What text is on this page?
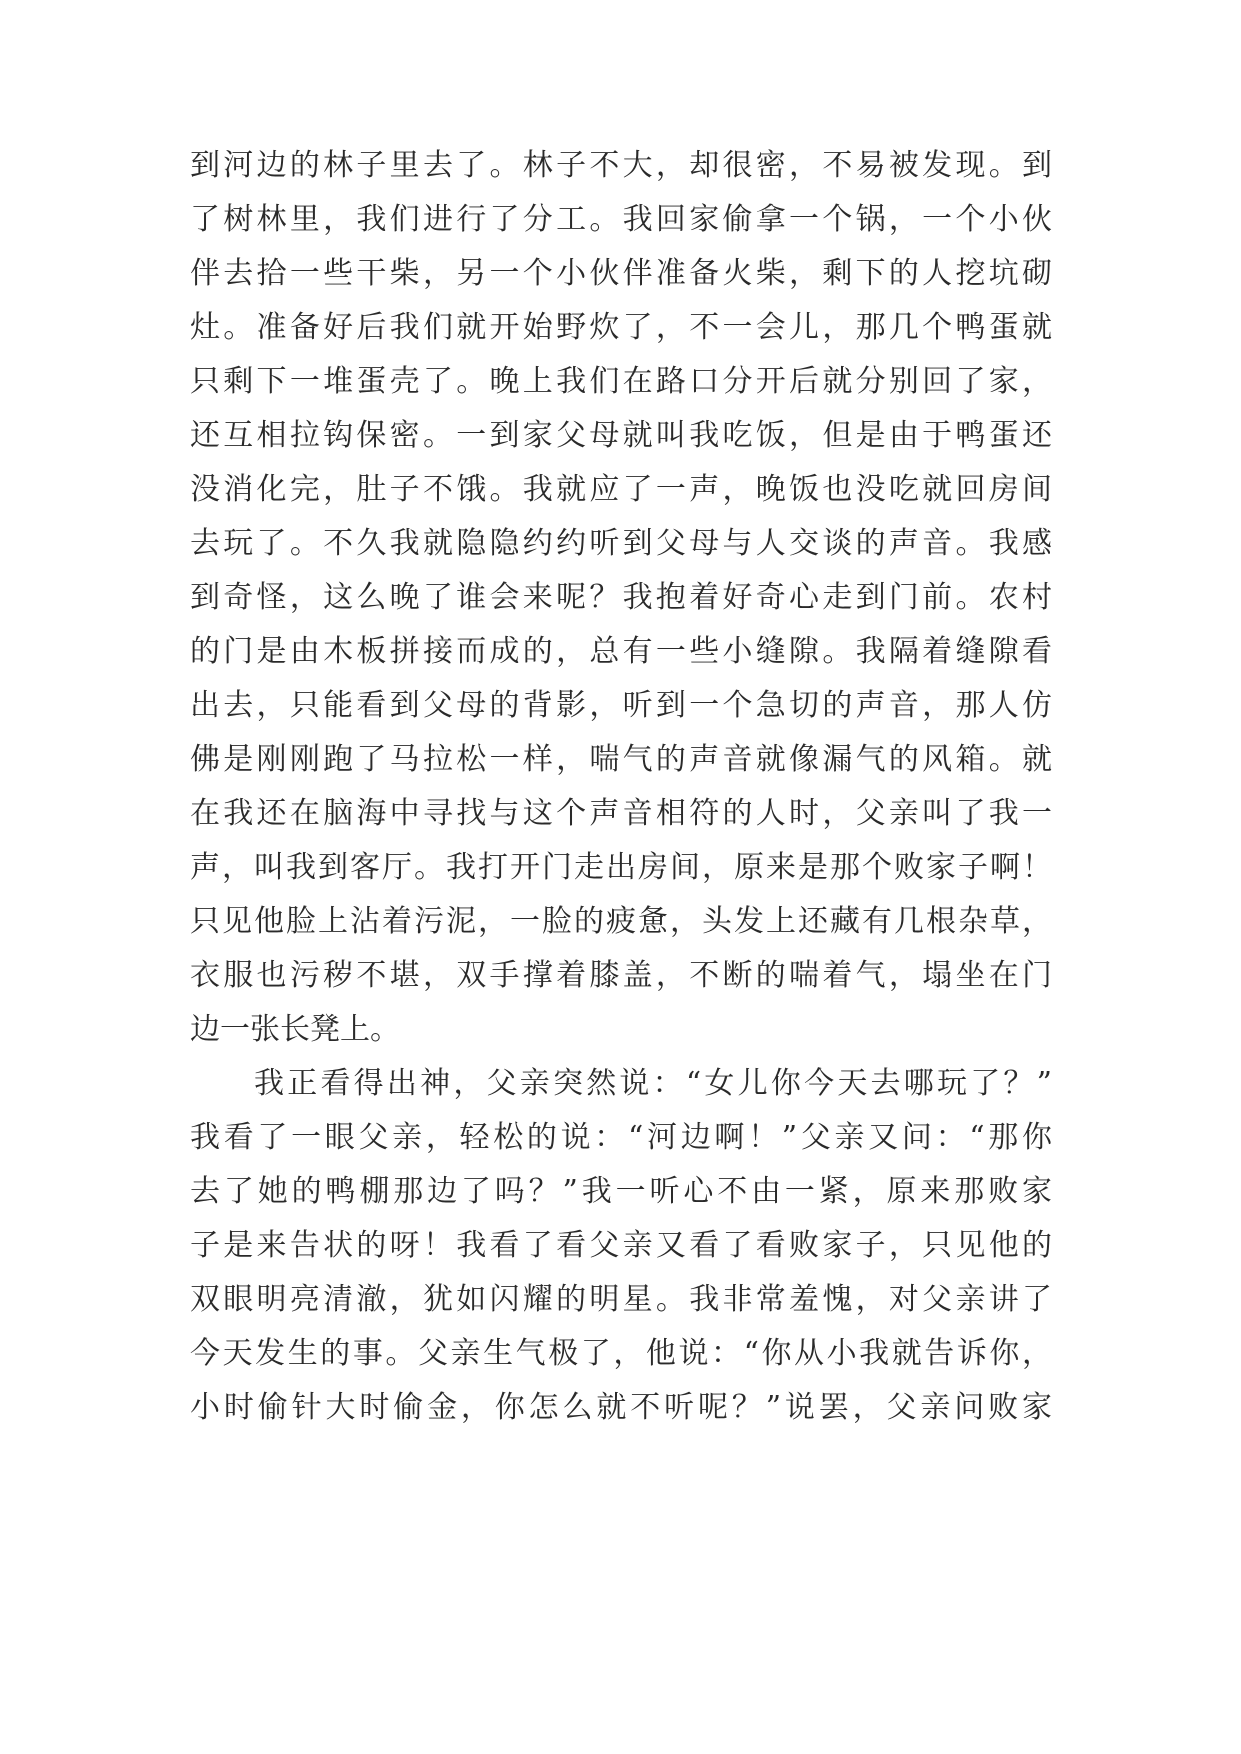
到河边的林子里去了。林子不大，却很密，不易被发现。到
了树林里，我们进行了分工。我回家偷拿一个锅，一个小伙
伴去拾一些干柴，另一个小伙伴准备火柴，剩下的人挖坑砌
灶。准备好后我们就开始野炊了，不一会儿，那几个鸭蛋就
只剩下一堆蛋壳了。晚上我们在路口分开后就分别回了家，
还互相拉钩保密。一到家父母就叫我吃饭，但是由于鸭蛋还
没消化完，肚子不饿。我就应了一声，晚饭也没吃就回房间
去玩了。不久我就隐隐约约听到父母与人交谈的声音。我感
到奇怪，这么晚了谁会来呢？我抱着好奇心走到门前。农村
的门是由木板拼接而成的，总有一些小缝隙。我隔着缝隙看
出去，只能看到父母的背影，听到一个急切的声音，那人仿
佛是刚刚跑了马拉松一样，喘气的声音就像漏气的风箱。就
在我还在脑海中寻找与这个声音相符的人时，父亲叫了我一
声，叫我到客厅。我打开门走出房间，原来是那个败家子啊！
只见他脸上沾着污泥，一脸的疲惫，头发上还藏有几根杂草，
衣服也污秽不堪，双手撑着膝盖，不断的喘着气，塌坐在门
边一张长凳上。
我正看得出神，父亲突然说：“女儿你今天去哪玩了？”
我看了一眼父亲，轻松的说：“河边啊！”父亲又问：“那你
去了她的鸭棚那边了吗？”我一听心不由一紧，原来那败家
子是来告状的呀！我看了看父亲又看了看败家子，只见他的
双眼明亮清澈，犹如闪耀的明星。我非常羞愧，对父亲讲了
今天发生的事。父亲生气极了，他说：“你从小我就告诉你，
小时偷针大时偷金，你怎么就不听呢？”说罢，父亲问败家
